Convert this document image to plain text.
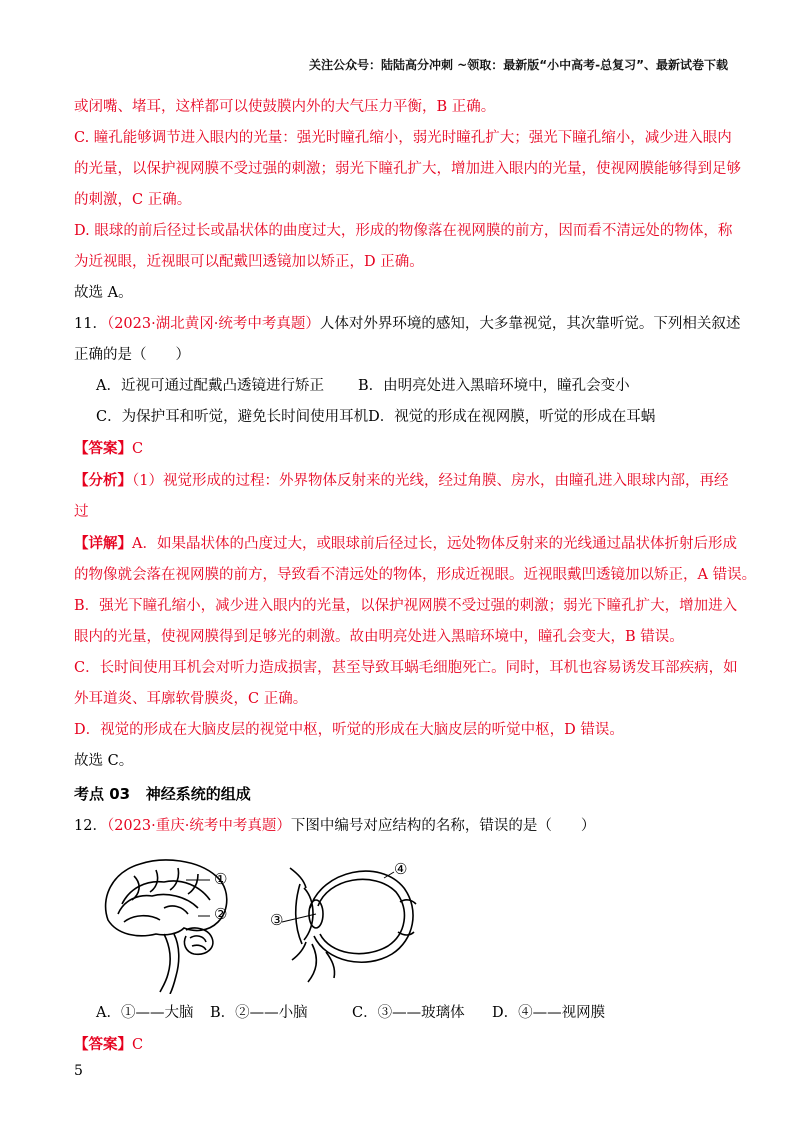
关注公众号：陆陆高分冲刺 ~领取：最新版“小中高考-总复习”、最新试卷下载
或闭嘴、堵耳，这样都可以使鼓膜内外的大气压力平衡，B 正确。
C. 瞳孔能够调节进入眼内的光量：强光时瞳孔缩小，弱光时瞳孔扩大；强光下瞳孔缩小，减少进入眼内
的光量，以保护视网膜不受过强的刺激；弱光下瞳孔扩大，增加进入眼内的光量，使视网膜能够得到足够
的刺激，C 正确。
D. 眼球的前后径过长或晶状体的曲度过大，形成的物像落在视网膜的前方，因而看不清远处的物体，称
为近视眼，近视眼可以配戴凹透镜加以矫正，D 正确。
故选 A。
11．（2023·湖北黄冈·统考中考真题）人体对外界环境的感知，大多靠视觉，其次靠听觉。下列相关叙述
正确的是（　　）
A．近视可通过配戴凸透镜进行矫正 B．由明亮处进入黑暗环境中，瞳孔会变小
C．为保护耳和听觉，避免长时间使用耳机D．视觉的形成在视网膜，听觉的形成在耳蜗
【答案】C
【分析】（1）视觉形成的过程：外界物体反射来的光线，经过角膜、房水，由瞳孔进入眼球内部，再经
过
【详解】A．如果晶状体的凸度过大，或眼球前后径过长，远处物体反射来的光线通过晶状体折射后形成
的物像就会落在视网膜的前方，导致看不清远处的物体，形成近视眼。近视眼戴凹透镜加以矫正，A 错误。
B．强光下瞳孔缩小，减少进入眼内的光量，以保护视网膜不受过强的刺激；弱光下瞳孔扩大，增加进入
眼内的光量，使视网膜得到足够光的刺激。故由明亮处进入黑暗环境中，瞳孔会变大，B 错误。
C．长时间使用耳机会对听力造成损害，甚至导致耳蜗毛细胞死亡。同时，耳机也容易诱发耳部疾病，如
外耳道炎、耳廓软骨膜炎，C 正确。
D．视觉的形成在大脑皮层的视觉中枢，听觉的形成在大脑皮层的听觉中枢，D 错误。
故选 C。
考点 03 神经系统的组成
12．（2023·重庆·统考中考真题）下图中编号对应结构的名称，错误的是（　　）
①
②	③
④
A．①——大脑 B．②——小脑	C．③——玻璃体 D．④——视网膜
【答案】C
5
